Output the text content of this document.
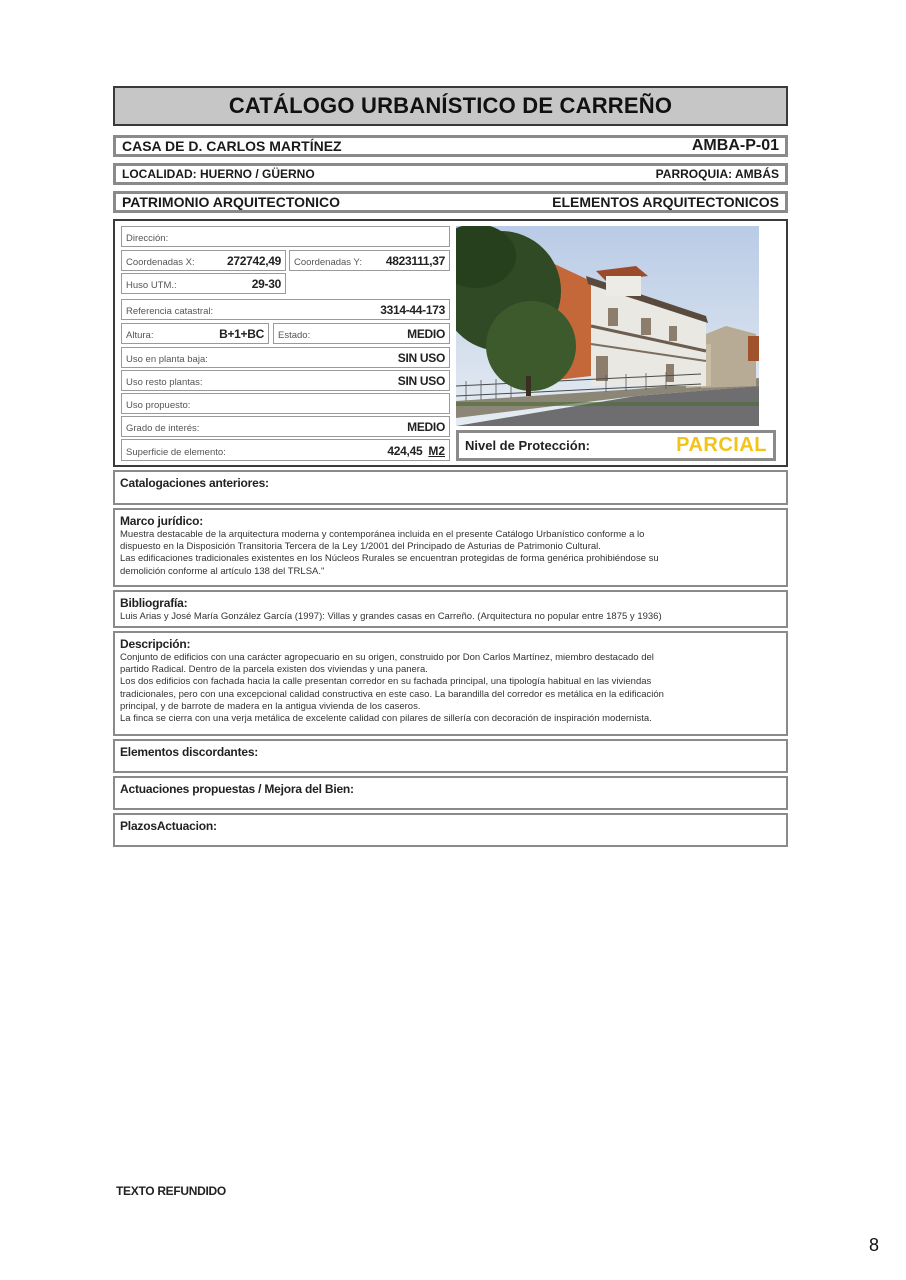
CATÁLOGO URBANÍSTICO DE CARREÑO
CASA DE D. CARLOS MARTÍNEZ	AMBA-P-01
LOCALIDAD: HUERNO / GÜERNO	PARROQUIA: AMBÁS
PATRIMONIO ARQUITECTONICO	ELEMENTOS ARQUITECTONICOS
Dirección:
Coordenadas X:	272742,49 Coordenadas Y: 4823111,37
Huso UTM.:	29-30
Referencia catastral:	3314-44-173
Altura:	B+1+BC Estado:	MEDIO
Uso en planta baja:	SIN USO
Uso resto plantas:	SIN USO
Uso propuesto:
Grado de interés:	MEDIO
Superficie de elemento:	424,45 M2 Nivel de Protección:	PARCIAL
Catalogaciones anteriores:
Marco jurídico:

Muestra destacable de la arquitectura moderna y contemporánea incluida en el presente Catálogo Urbanístico conforme a lo

dispuesto en la Disposición Transitoria Tercera de la Ley 1/2001 del Principado de Asturias de Patrimonio Cultural.

Las edificaciones tradicionales existentes en los Núcleos Rurales se encuentran protegidas de forma genérica prohibiéndose su

demolición conforme al artículo 138 del TRLSA."

Bibliografía:

Luis Arias y José María González García (1997): Villas y grandes casas en Carreño. (Arquitectura no popular entre 1875 y 1936)

Descripción:

Conjunto de edificios con una carácter agropecuario en su origen, construido por Don Carlos Martínez, miembro destacado del

partido Radical. Dentro de la parcela existen dos viviendas y una panera.

Los dos edificios con fachada hacia la calle presentan corredor en su fachada principal, una tipología habitual en las viviendas

tradicionales, pero con una excepcional calidad constructiva en este caso. La barandilla del corredor es metálica en la edificación

principal, y de barrote de madera en la antigua vivienda de los caseros.

La finca se cierra con una verja metálica de excelente calidad con pilares de sillería con decoración de inspiración modernista.

Elementos discordantes:
Actuaciones propuestas / Mejora del Bien:
PlazosActuacion:
TEXTO REFUNDIDO
8
